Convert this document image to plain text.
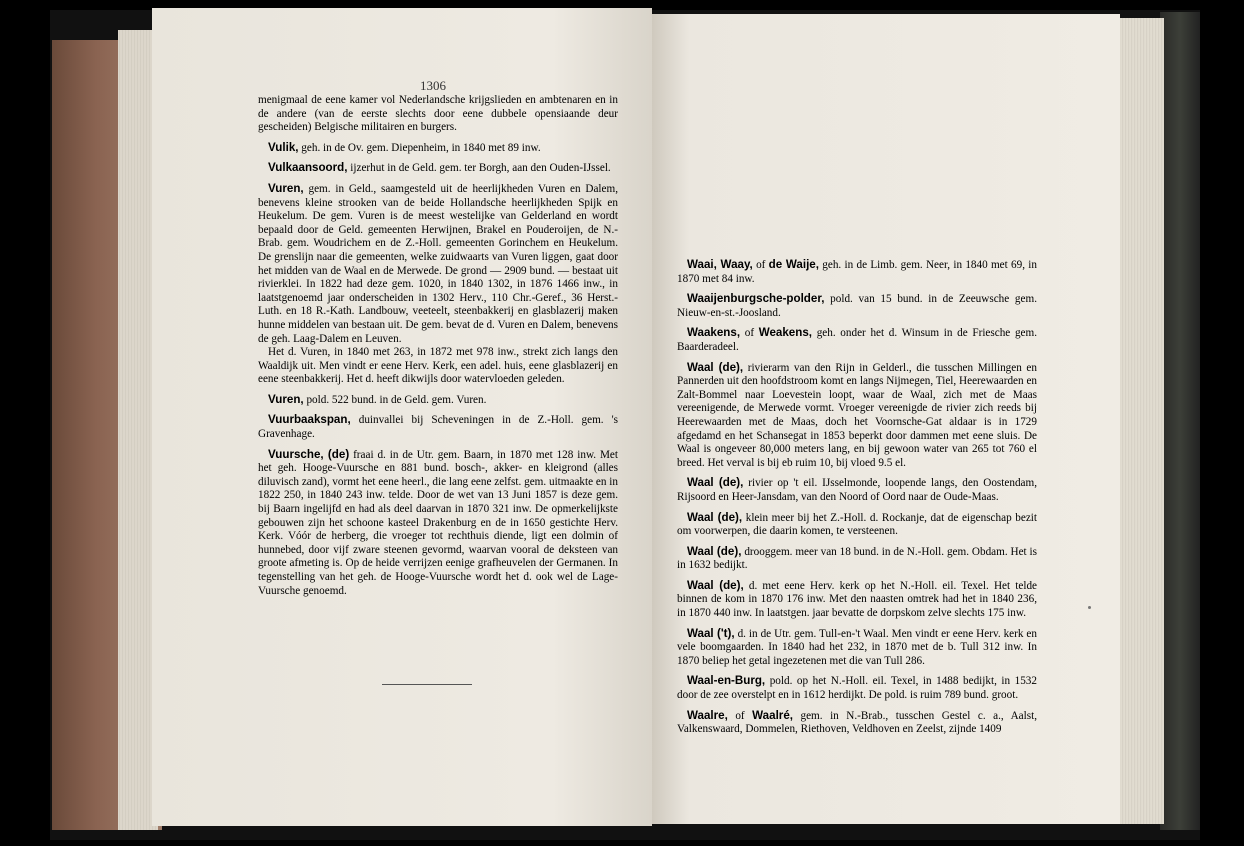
1306

menigmaal de eene kamer vol Nederlandsche krijgslieden en ambtenaren en in de andere (van de eerste slechts door eene dubbele opensiaande deur gescheiden) Belgische militairen en burgers.

Vulik, geh. in de Ov. gem. Diepenheim, in 1840 met 89 inw.

Vulkaansoord, ijzerhut in de Geld. gem. ter Borgh, aan den Ouden-IJssel.

Vuren, gem. in Geld., saamgesteld uit de heerlijkheden Vuren en Dalem, benevens kleine strooken van de beide Hollandsche heerlijkheden Spijk en Heukelum. De gem. Vuren is de meest westelijke van Gelderland en wordt bepaald door de Geld. gemeenten Herwijnen, Brakel en Pouderoijen, de N.-Brab. gem. Woudrichem en de Z.-Holl. gemeenten Gorinchem en Heukelum. De grenslijn naar die gemeenten, welke zuidwaarts van Vuren liggen, gaat door het midden van de Waal en de Merwede. De grond — 2909 bund. — bestaat uit rivierklei. In 1822 had deze gem. 1020, in 1840 1302, in 1876 1466 inw., in laatstgenoemd jaar onderscheiden in 1302 Herv., 110 Chr.-Geref., 36 Herst.-Luth. en 18 R.-Kath. Landbouw, veeteelt, steenbakkerij en glasblazerij maken hunne middelen van bestaan uit. De gem. bevat de d. Vuren en Dalem, benevens de geh. Laag-Dalem en Leuven.
Het d. Vuren, in 1840 met 263, in 1872 met 978 inw., strekt zich langs den Waaldijk uit. Men vindt er eene Herv. Kerk, een adel. huis, eene glasblazerij en eene steenbakkerij. Het d. heeft dikwijls door watervloeden geleden.

Vuren, pold. 522 bund. in de Geld. gem. Vuren.

Vuurbaakspan, duinvallei bij Scheveningen in de Z.-Holl. gem. 's Gravenhage.

Vuursche, (de) fraai d. in de Utr. gem. Baarn, in 1870 met 128 inw. Met het geh. Hooge-Vuursche en 881 bund. bosch-, akker- en kleigrond (alles diluvisch zand), vormt het eene heerl., die lang eene zelfst. gem. uitmaakte en in 1822 250, in 1840 243 inw. telde. Door de wet van 13 Juni 1857 is deze gem. bij Baarn ingelijfd en had als deel daarvan in 1870 321 inw. De opmerkelijkste gebouwen zijn het schoone kasteel Drakenburg en de in 1650 gestichte Herv. Kerk. Vóór de herberg, die vroeger tot rechthuis diende, ligt een dolmin of hunnebed, door vijf zware steenen gevormd, waarvan vooral de deksteen van groote afmeting is. Op de heide verrijzen eenige grafheuvelen der Germanen. In tegenstelling van het geh. de Hooge-Vuursche wordt het d. ook wel de Lage-Vuursche genoemd.

Waai, Waay, of de Waije, geh. in de Limb. gem. Neer, in 1840 met 69, in 1870 met 84 inw.

Waaijenburgsche-polder, pold. van 15 bund. in de Zeeuwsche gem. Nieuw-en-st.-Joosland.

Waakens, of Weakens, geh. onder het d. Winsum in de Friesche gem. Baarderadeel.

Waal (de), rivierarm van den Rijn in Gelderl., die tusschen Millingen en Pannerden uit den hoofdstroom komt en langs Nijmegen, Tiel, Heerewaarden en Zalt-Bommel naar Loevestein loopt, waar de Waal, zich met de Maas vereenigende, de Merwede vormt. Vroeger vereenigde de rivier zich reeds bij Heerewaarden met de Maas, doch het Voornsche-Gat aldaar is in 1729 afgedamd en het Schansegat in 1853 beperkt door dammen met eene sluis. De Waal is ongeveer 80,000 meters lang, en bij gewoon water van 265 tot 760 el breed. Het verval is bij eb ruim 10, bij vloed 9.5 el.

Waal (de), rivier op 't eil. IJsselmonde, loopende langs, den Oostendam, Rijsoord en Heer-Jansdam, van den Noord of Oord naar de Oude-Maas.

Waal (de), klein meer bij het Z.-Holl. d. Rockanje, dat de eigenschap bezit om voorwerpen, die daarin komen, te versteenen.

Waal (de), drooggem. meer van 18 bund. in de N.-Holl. gem. Obdam. Het is in 1632 bedijkt.

Waal (de), d. met eene Herv. kerk op het N.-Holl. eil. Texel. Het telde binnen de kom in 1870 176 inw. Met den naasten omtrek had het in 1840 236, in 1870 440 inw. In laatstgen. jaar bevatte de dorpskom zelve slechts 175 inw.

Waal ('t), d. in de Utr. gem. Tull-en-'t Waal. Men vindt er eene Herv. kerk en vele boomgaarden. In 1840 had het 232, in 1870 met de b. Tull 312 inw. In 1870 beliep het getal ingezetenen met die van Tull 286.

Waal-en-Burg, pold. op het N.-Holl. eil. Texel, in 1488 bedijkt, in 1532 door de zee overstelpt en in 1612 herdijkt. De pold. is ruim 789 bund. groot.

Waalre, of Waalré, gem. in N.-Brab., tusschen Gestel c. a., Aalst, Valkenswaard, Dommelen, Riethoven, Veldhoven en Zeelst, zijnde 1409
